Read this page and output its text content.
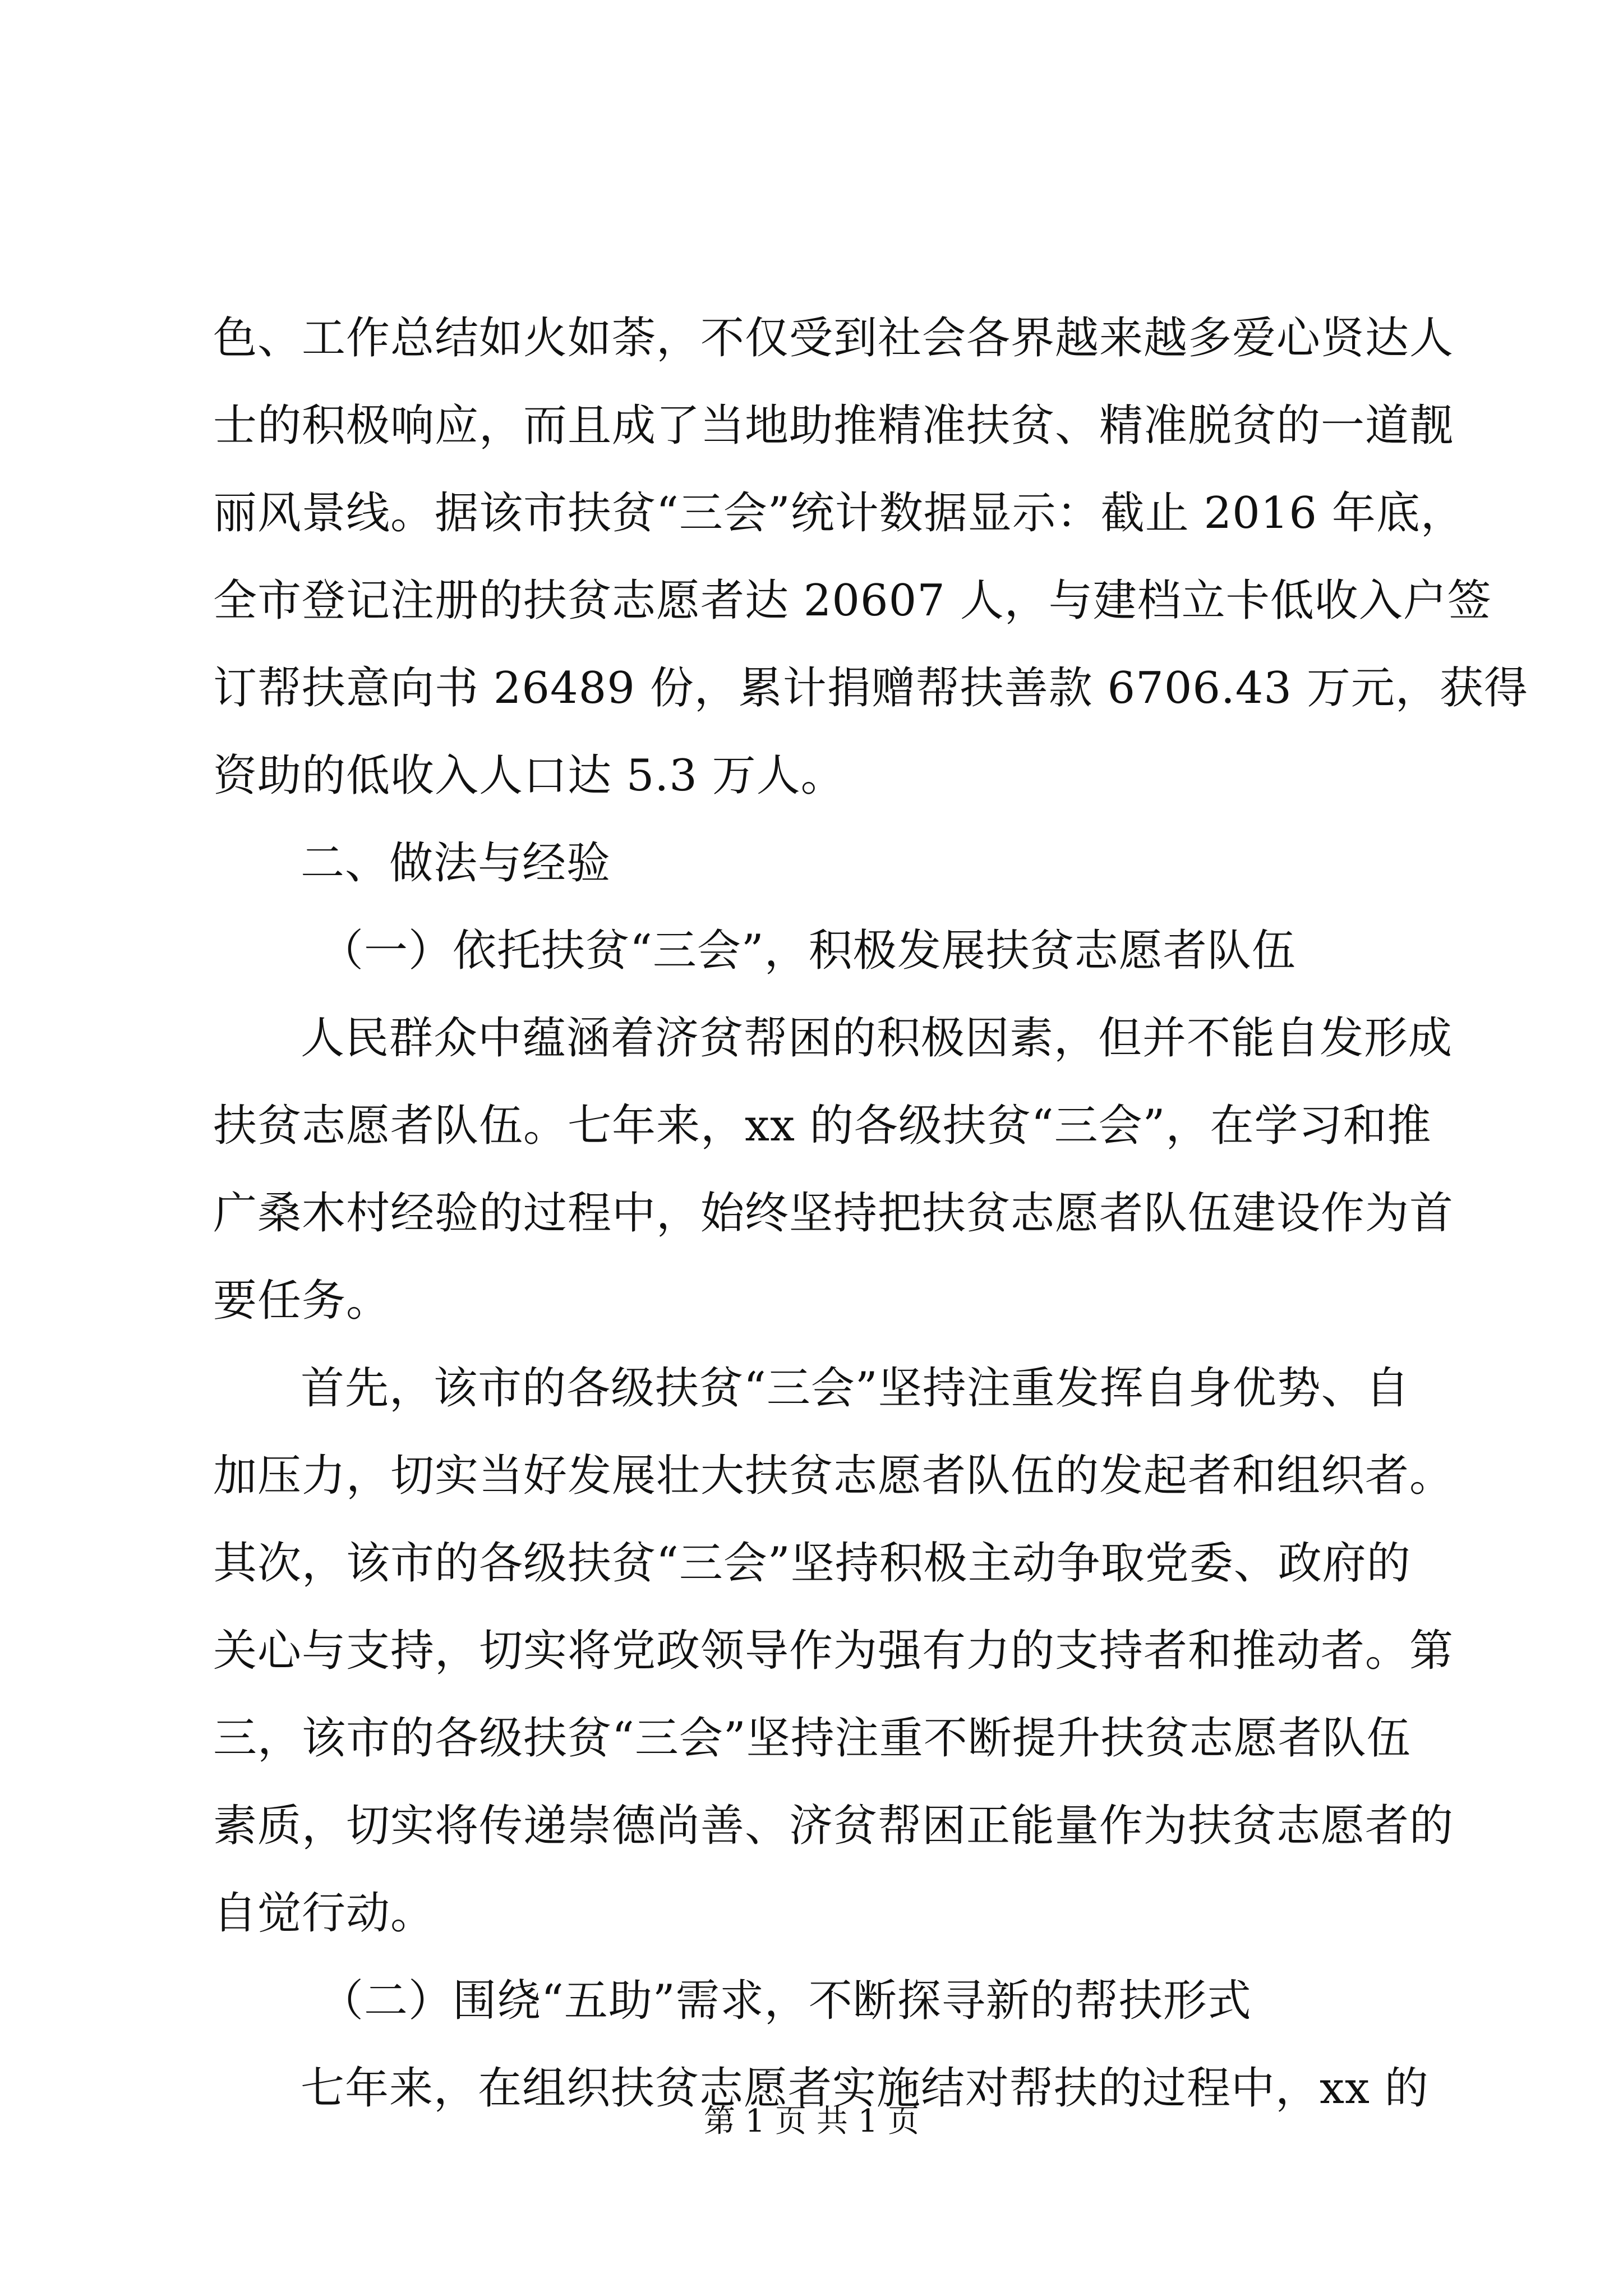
色、工作总结如火如荼，不仅受到社会各界越来越多爱心贤达人
士的积极响应，而且成了当地助推精准扶贫、精准脱贫的一道靓
丽风景线。据该市扶贫“三会”统计数据显示：截止 2016 年底，
全市登记注册的扶贫志愿者达 20607 人，与建档立卡低收入户签
订帮扶意向书 26489 份，累计捐赠帮扶善款 6706.43 万元，获得
资助的低收入人口达 5.3 万人。
二、做法与经验
（一）依托扶贫“三会”，积极发展扶贫志愿者队伍
人民群众中蕴涵着济贫帮困的积极因素，但并不能自发形成
扶贫志愿者队伍。七年来，xx 的各级扶贫“三会”，在学习和推
广桑木村经验的过程中，始终坚持把扶贫志愿者队伍建设作为首
要任务。
首先，该市的各级扶贫“三会”坚持注重发挥自身优势、自
加压力，切实当好发展壮大扶贫志愿者队伍的发起者和组织者。
其次，该市的各级扶贫“三会”坚持积极主动争取党委、政府的
关心与支持，切实将党政领导作为强有力的支持者和推动者。第
三，该市的各级扶贫“三会”坚持注重不断提升扶贫志愿者队伍
素质，切实将传递崇德尚善、济贫帮困正能量作为扶贫志愿者的
自觉行动。
（二）围绕“五助”需求，不断探寻新的帮扶形式
七年来，在组织扶贫志愿者实施结对帮扶的过程中，xx 的
第 1 页 共 1 页
